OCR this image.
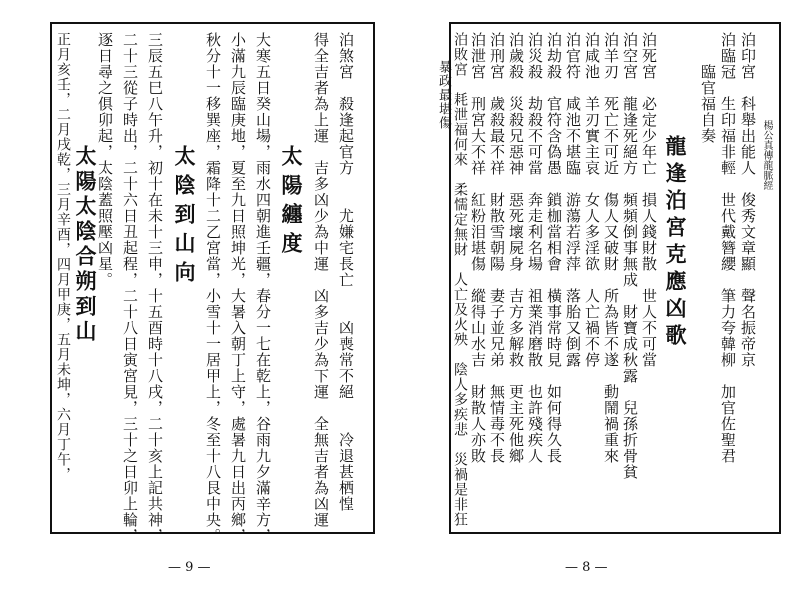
泊煞宮　殺逢起官方　　尤嫌宅長亡　　凶喪常不絕　　冷退甚栖惶
得全吉者為上運　吉多凶少為中運　凶多吉少為下運　全無吉者為凶運
太陽纏度
大寒五日癸山場，雨水四朝進壬疆，春分一七在乾上，谷雨九夕滿辛方，
小滿九辰臨庚地，夏至九日照坤光，大暑入朝丁上守，處暑九日出丙鄉，
秋分十一移巽座，霜降十二乙宮當，小雪十一居甲上，冬至十八艮中央。
太陰到山向
三辰五巳八午升，初十在未十三申，十五酉時十八戌，二十亥上記共神，
二十三從子時出，二十六日丑起程，二十八日寅宮見，三十之日卯上輪，
逐日尋之俱卯起，太陰蓋照壓凶星。
太陽太陰合朔到山
正月亥壬，二月戌乾，三月辛酉，四月甲庚，五月未坤，六月丁午，
— 9 —
楊公真傳龍脈經
泊印宮　科舉出能人　俊秀文章顯　聲名振帝京
泊臨冠　生印福非輕　世代戴簪纓　筆力夸韓柳　加官佐聖君
　　臨官福自奏
龍逢泊宮克應凶歌
泊死宮　必定少年亡　損人錢財散　世人不可當
泊空宮　龍逢死絕方　頻頻倒事無成　財寶成秋露　兒孫折骨貧
泊羊刃　死亡不可近　傷人又破財　所為皆不遂　動鬧禍重來
泊咸池　羊刃實主哀　女人多淫欲　人亡禍不停
泊官符　咸池不堪臨　游蕩若浮萍　落胎又倒露
泊劫殺　官符含偽愚　鎖枷當相會　橫事常時見　如何得久長
泊災殺　劫殺不可當　奔走利名場　祖業消磨散　也許殘疾人
泊歲殺　災殺兄惡神　惡死壞屍身　吉方多解救　更主死他鄉
泊刑宮　歲殺最不祥　財散雪朝陽　妻子並兄弟　無情毒不長
泊泄宮　刑宮大不祥　紅粉泪堪傷　縱得山水吉　財散人亦敗
泊敗宮　耗泄福何來　柔懦定無財　人亡及火殃　陰人多疾悲　災禍是非狂
　　暴政最堪傷
— 8 —
